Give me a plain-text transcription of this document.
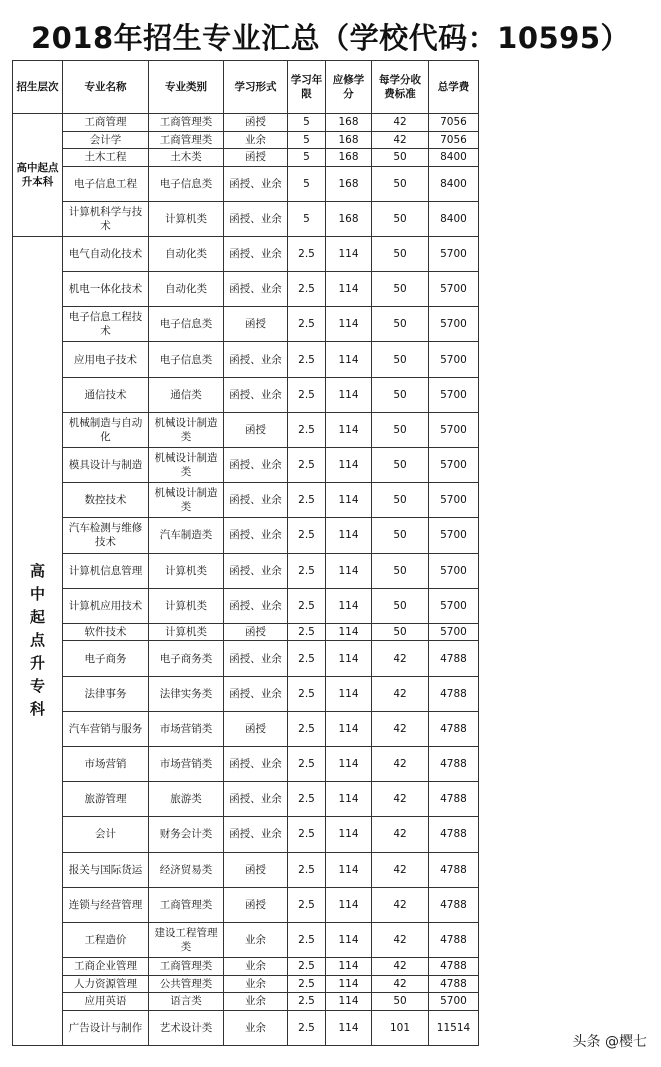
2018年招生专业汇总（学校代码：10595）
招生层次	专业名称	专业类别	学习形式	学习年限	应修学分	每学分收费标准	总学费
高中起点升本科	工商管理	工商管理类	函授	5	168	42	7056
	会计学	工商管理类	业余	5	168	42	7056
	土木工程	土木类	函授	5	168	50	8400
	电子信息工程	电子信息类	函授、业余	5	168	50	8400
	计算机科学与技术	计算机类	函授、业余	5	168	50	8400
高中起点升专科	电气自动化技术	自动化类	函授、业余	2.5	114	50	5700
	机电一体化技术	自动化类	函授、业余	2.5	114	50	5700
	电子信息工程技术	电子信息类	函授	2.5	114	50	5700
	应用电子技术	电子信息类	函授、业余	2.5	114	50	5700
	通信技术	通信类	函授、业余	2.5	114	50	5700
	机械制造与自动化	机械设计制造类	函授	2.5	114	50	5700
	模具设计与制造	机械设计制造类	函授、业余	2.5	114	50	5700
	数控技术	机械设计制造类	函授、业余	2.5	114	50	5700
	汽车检测与维修技术	汽车制造类	函授、业余	2.5	114	50	5700
	计算机信息管理	计算机类	函授、业余	2.5	114	50	5700
	计算机应用技术	计算机类	函授、业余	2.5	114	50	5700
	软件技术	计算机类	函授	2.5	114	50	5700
	电子商务	电子商务类	函授、业余	2.5	114	42	4788
	法律事务	法律实务类	函授、业余	2.5	114	42	4788
	汽车营销与服务	市场营销类	函授	2.5	114	42	4788
	市场营销	市场营销类	函授、业余	2.5	114	42	4788
	旅游管理	旅游类	函授、业余	2.5	114	42	4788
	会计	财务会计类	函授、业余	2.5	114	42	4788
	报关与国际货运	经济贸易类	函授	2.5	114	42	4788
	连锁与经营管理	工商管理类	函授	2.5	114	42	4788
	工程造价	建设工程管理类	业余	2.5	114	42	4788
	工商企业管理	工商管理类	业余	2.5	114	42	4788
	人力资源管理	公共管理类	业余	2.5	114	42	4788
	应用英语	语言类	业余	2.5	114	50	5700
	广告设计与制作	艺术设计类	业余	2.5	114	101	11514
头条 @樱七
